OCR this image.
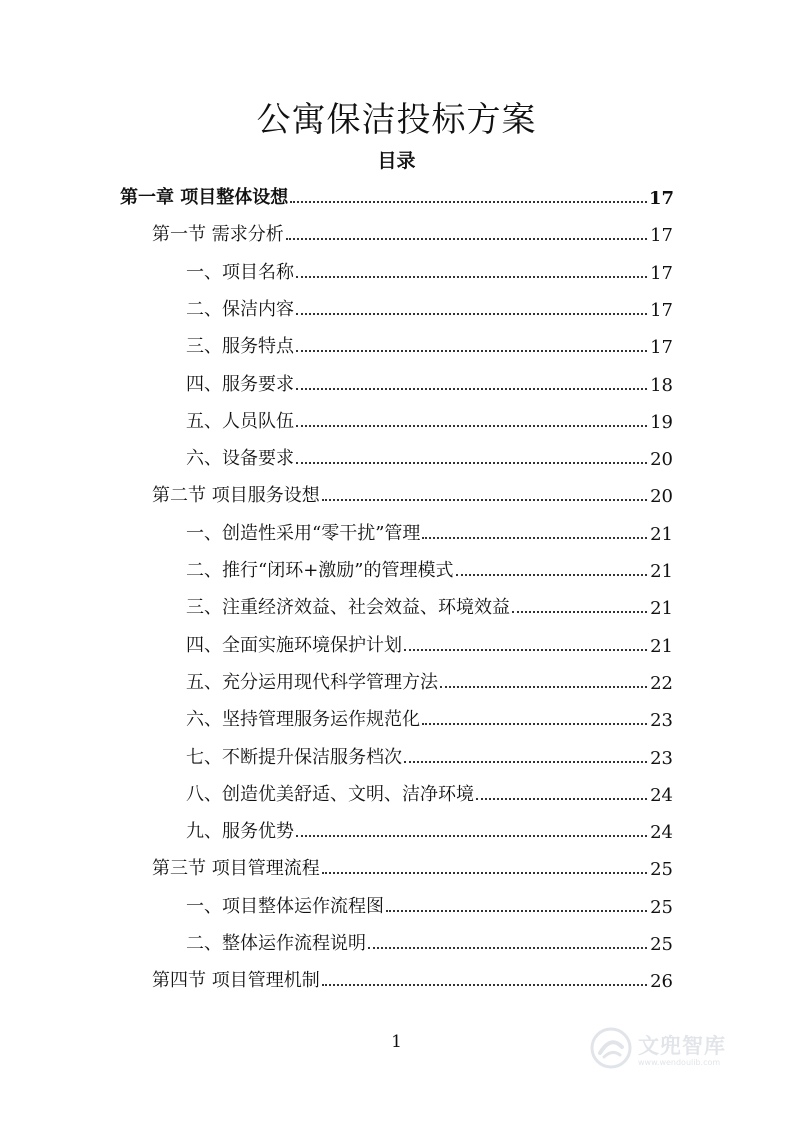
公寓保洁投标方案
目录
第一章 项目整体设想	17
第一节 需求分析	17
一、项目名称	17
二、保洁内容	17
三、服务特点	17
四、服务要求	18
五、人员队伍	19
六、设备要求	20
第二节 项目服务设想	20
一、创造性采用“零干扰”管理	21
二、推行“闭环+激励”的管理模式	21
三、注重经济效益、社会效益、环境效益	21
四、全面实施环境保护计划	21
五、充分运用现代科学管理方法	22
六、坚持管理服务运作规范化	23
七、不断提升保洁服务档次	23
八、创造优美舒适、文明、洁净环境	24
九、服务优势	24
第三节 项目管理流程	25
一、项目整体运作流程图	25
二、整体运作流程说明	25
第四节 项目管理机制	26
1	文兜智库
www.wendoulib.com
